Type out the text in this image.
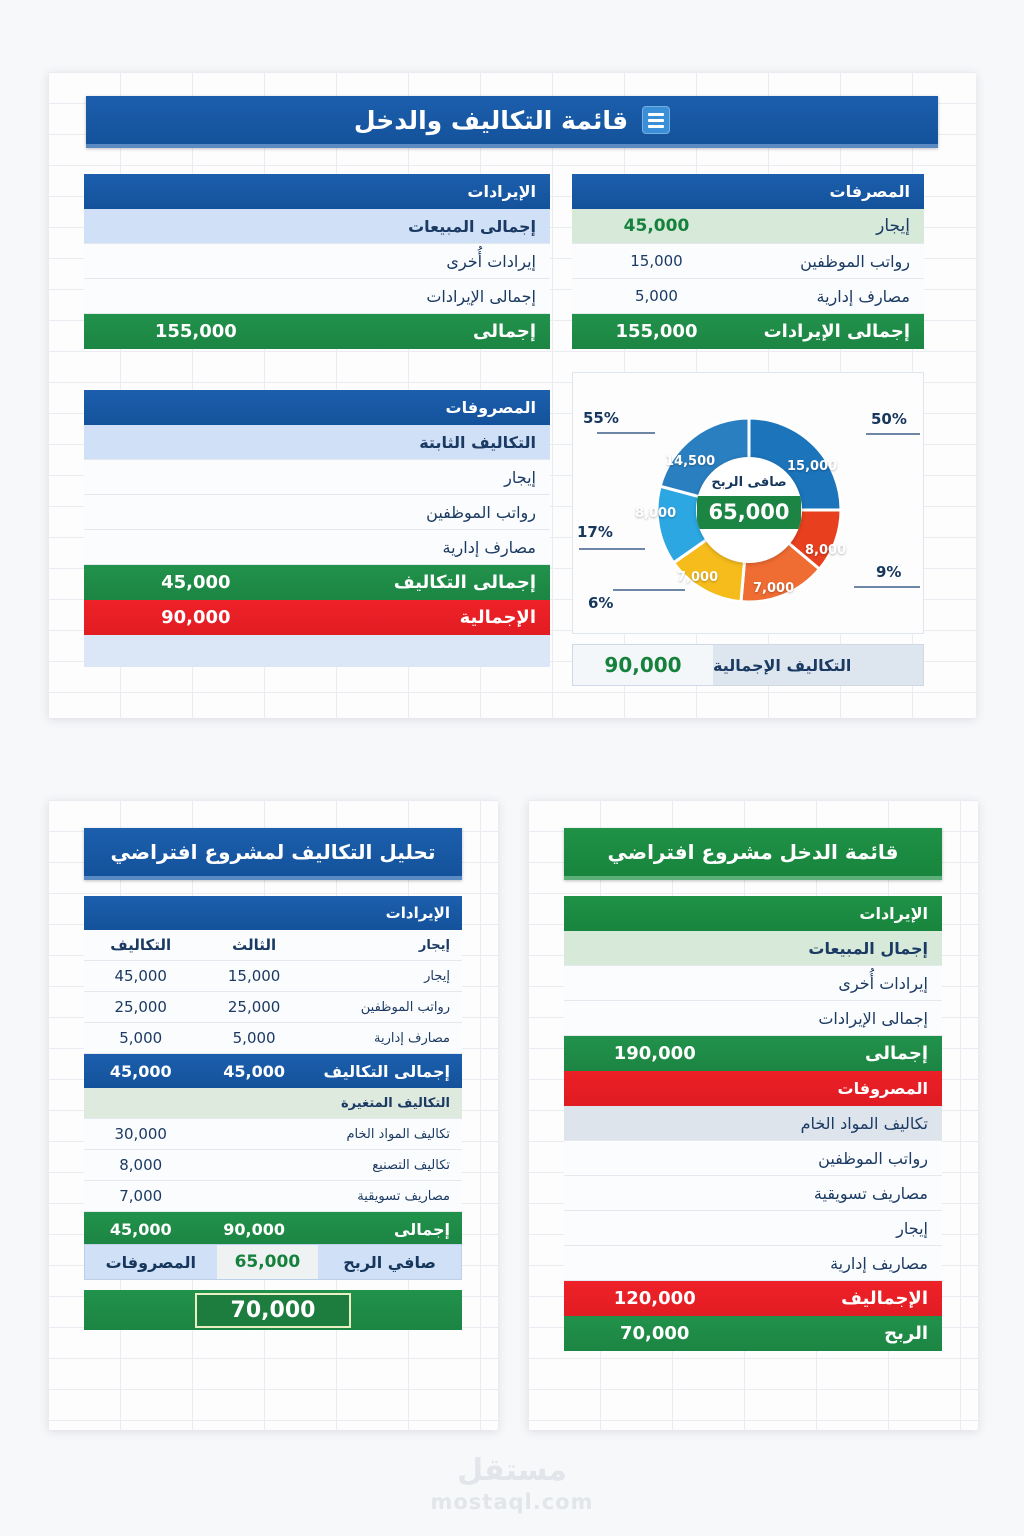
قائمة التكاليف والدخل
الإيرادات
إجمالى المبيعات
إيرادات أُخرى
إجمالى الإيرادات
إجمالى
155,000
المصروفات
التكاليف الثابتة
إيجار
رواتب الموظفين
مصارف إدارية
إجمالى التكاليف
45,000
الإجمالية
90,000
المصرفات
إيجار
45,000
رواتب الموظفين
15,000
مصارف إدارية
5,000
إجمالى الإيرادات
155,000
15,000
8,000
7,000
7,000
8,000
14,500
50%
9%
6%
17%
55%
صافى الربح
65,000
التكاليف الإجمالية
90,000
تحليل التكاليف لمشروع افتراضي
الإيرادات
إيجار
الثالث
التكاليف
إيجار
15,000
45,000
رواتب الموظفين
25,000
25,000
مصارف إدارية
5,000
5,000
إجمالى التكاليف
45,000
45,000
التكاليف المتغيرة
تكاليف المواد الخام
30,000
تكاليف التصنيع
8,000
مصاريف تسويقية
7,000
إجمالى
90,000
45,000
صافي الربح
65,000
المصروفات
70,000
قائمة الدخل مشروع افتراضي
الإيرادات
إجمال المبيعات
إيرادات أُخرى
إجمالى الإيرادات
إجمالى
190,000
المصروفات
تكاليف المواد الخام
رواتب الموظفين
مصاريف تسويقية
إيجار
مصاريف إدارية
الإجماليف
120,000
الربح
70,000
مستقل
mostaql.com
